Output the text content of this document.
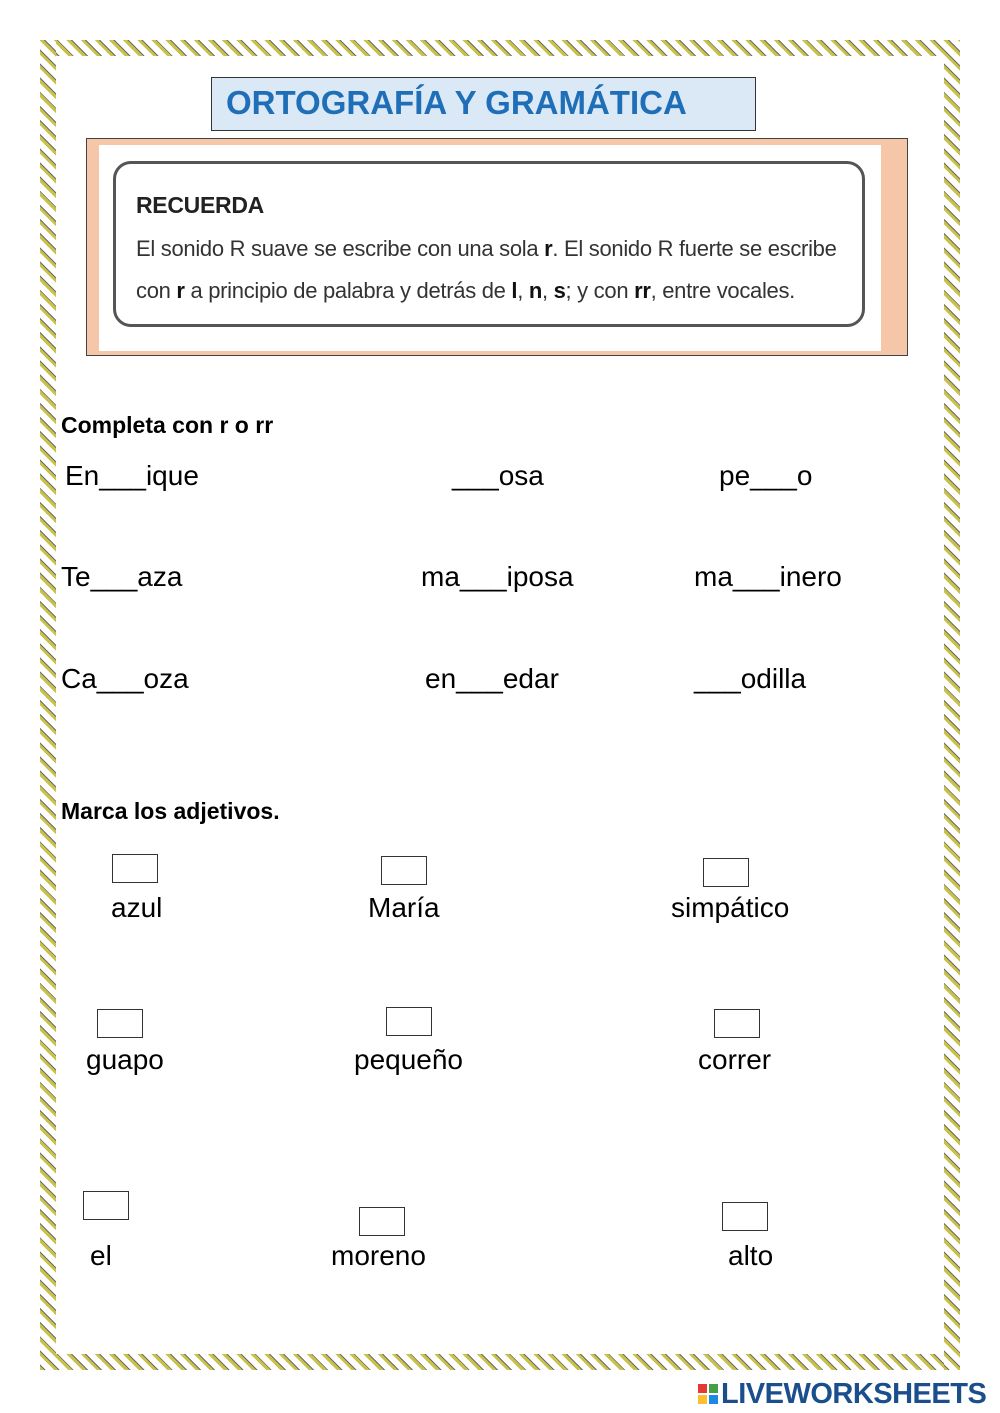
ORTOGRAFÍA Y GRAMÁTICA
RECUERDA
El sonido R suave se escribe con una sola r. El sonido R fuerte se escribe
con r a principio de palabra y detrás de l, n, s; y con rr, entre vocales.
Completa con r o rr
En___ique	___osa	pe___o
Te___aza	ma___iposa	ma___inero
Ca___oza	en___edar	___odilla
Marca los adjetivos.
azul	María	simpático
guapo	pequeño	correr
el	moreno	alto
LIVEWORKSHEETS
